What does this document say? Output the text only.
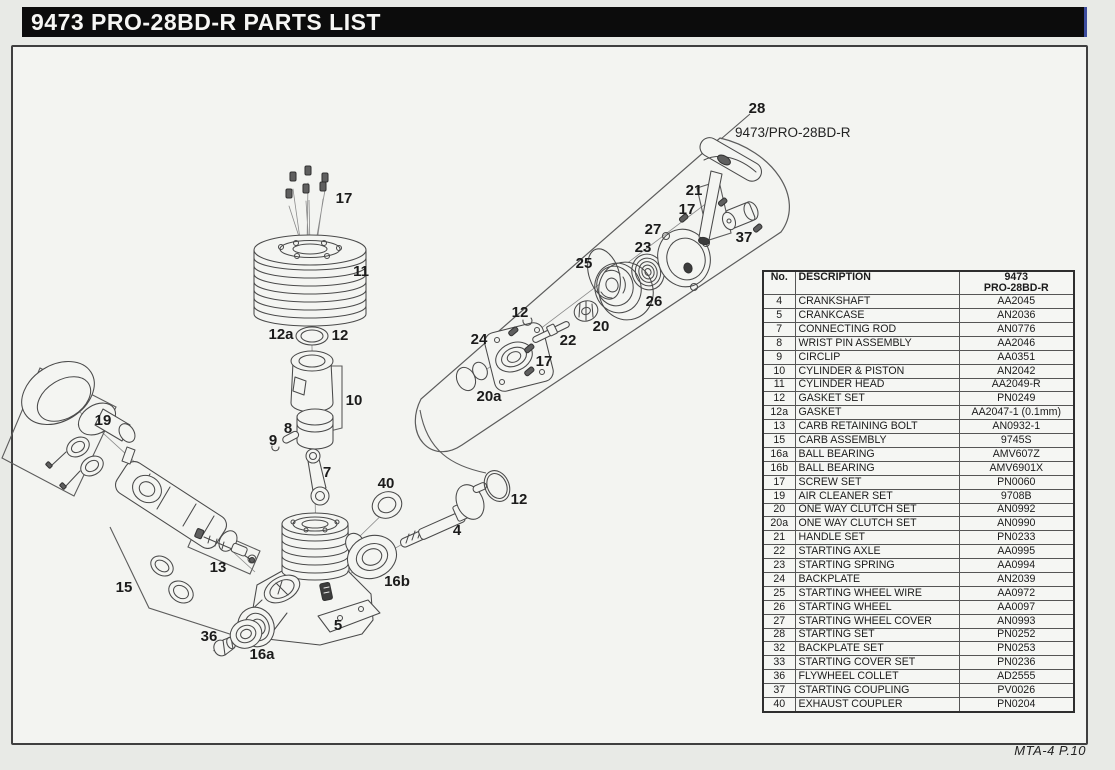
9473 PRO-28BD-R PARTS LIST
9473/PRO-28BD-R
28
21
17
27
23
37
25
26
20
22
12
24
17
20a
17
11
12a	12
10
8
9
19
7
40
12
4
13
15	16b
5
36
16a
No.	DESCRIPTION	9473
PRO-28BD-R

4	CRANKSHAFT	AA2045
5	CRANKCASE	AN2036
7	CONNECTING ROD	AN0776
8	WRIST PIN ASSEMBLY	AA2046
9	CIRCLIP	AA0351
10	CYLINDER & PISTON	AN2042
11	CYLINDER HEAD	AA2049-R
12	GASKET SET	PN0249
12a	GASKET	AA2047-1 (0.1mm)
13	CARB RETAINING BOLT	AN0932-1
15	CARB ASSEMBLY	9745S
16a	BALL BEARING	AMV607Z
16b	BALL BEARING	AMV6901X
17	SCREW SET	PN0060
19	AIR CLEANER SET	9708B
20	ONE WAY CLUTCH SET	AN0992
20a	ONE WAY CLUTCH SET	AN0990
21	HANDLE SET	PN0233
22	STARTING AXLE	AA0995
23	STARTING SPRING	AA0994
24	BACKPLATE	AN2039
25	STARTING WHEEL WIRE	AA0972
26	STARTING WHEEL	AA0097
27	STARTING WHEEL COVER	AN0993
28	STARTING SET	PN0252
32	BACKPLATE SET	PN0253
33	STARTING COVER SET	PN0236
36	FLYWHEEL COLLET	AD2555
37	STARTING COUPLING	PV0026
40	EXHAUST COUPLER	PN0204
MTA-4 P.10
